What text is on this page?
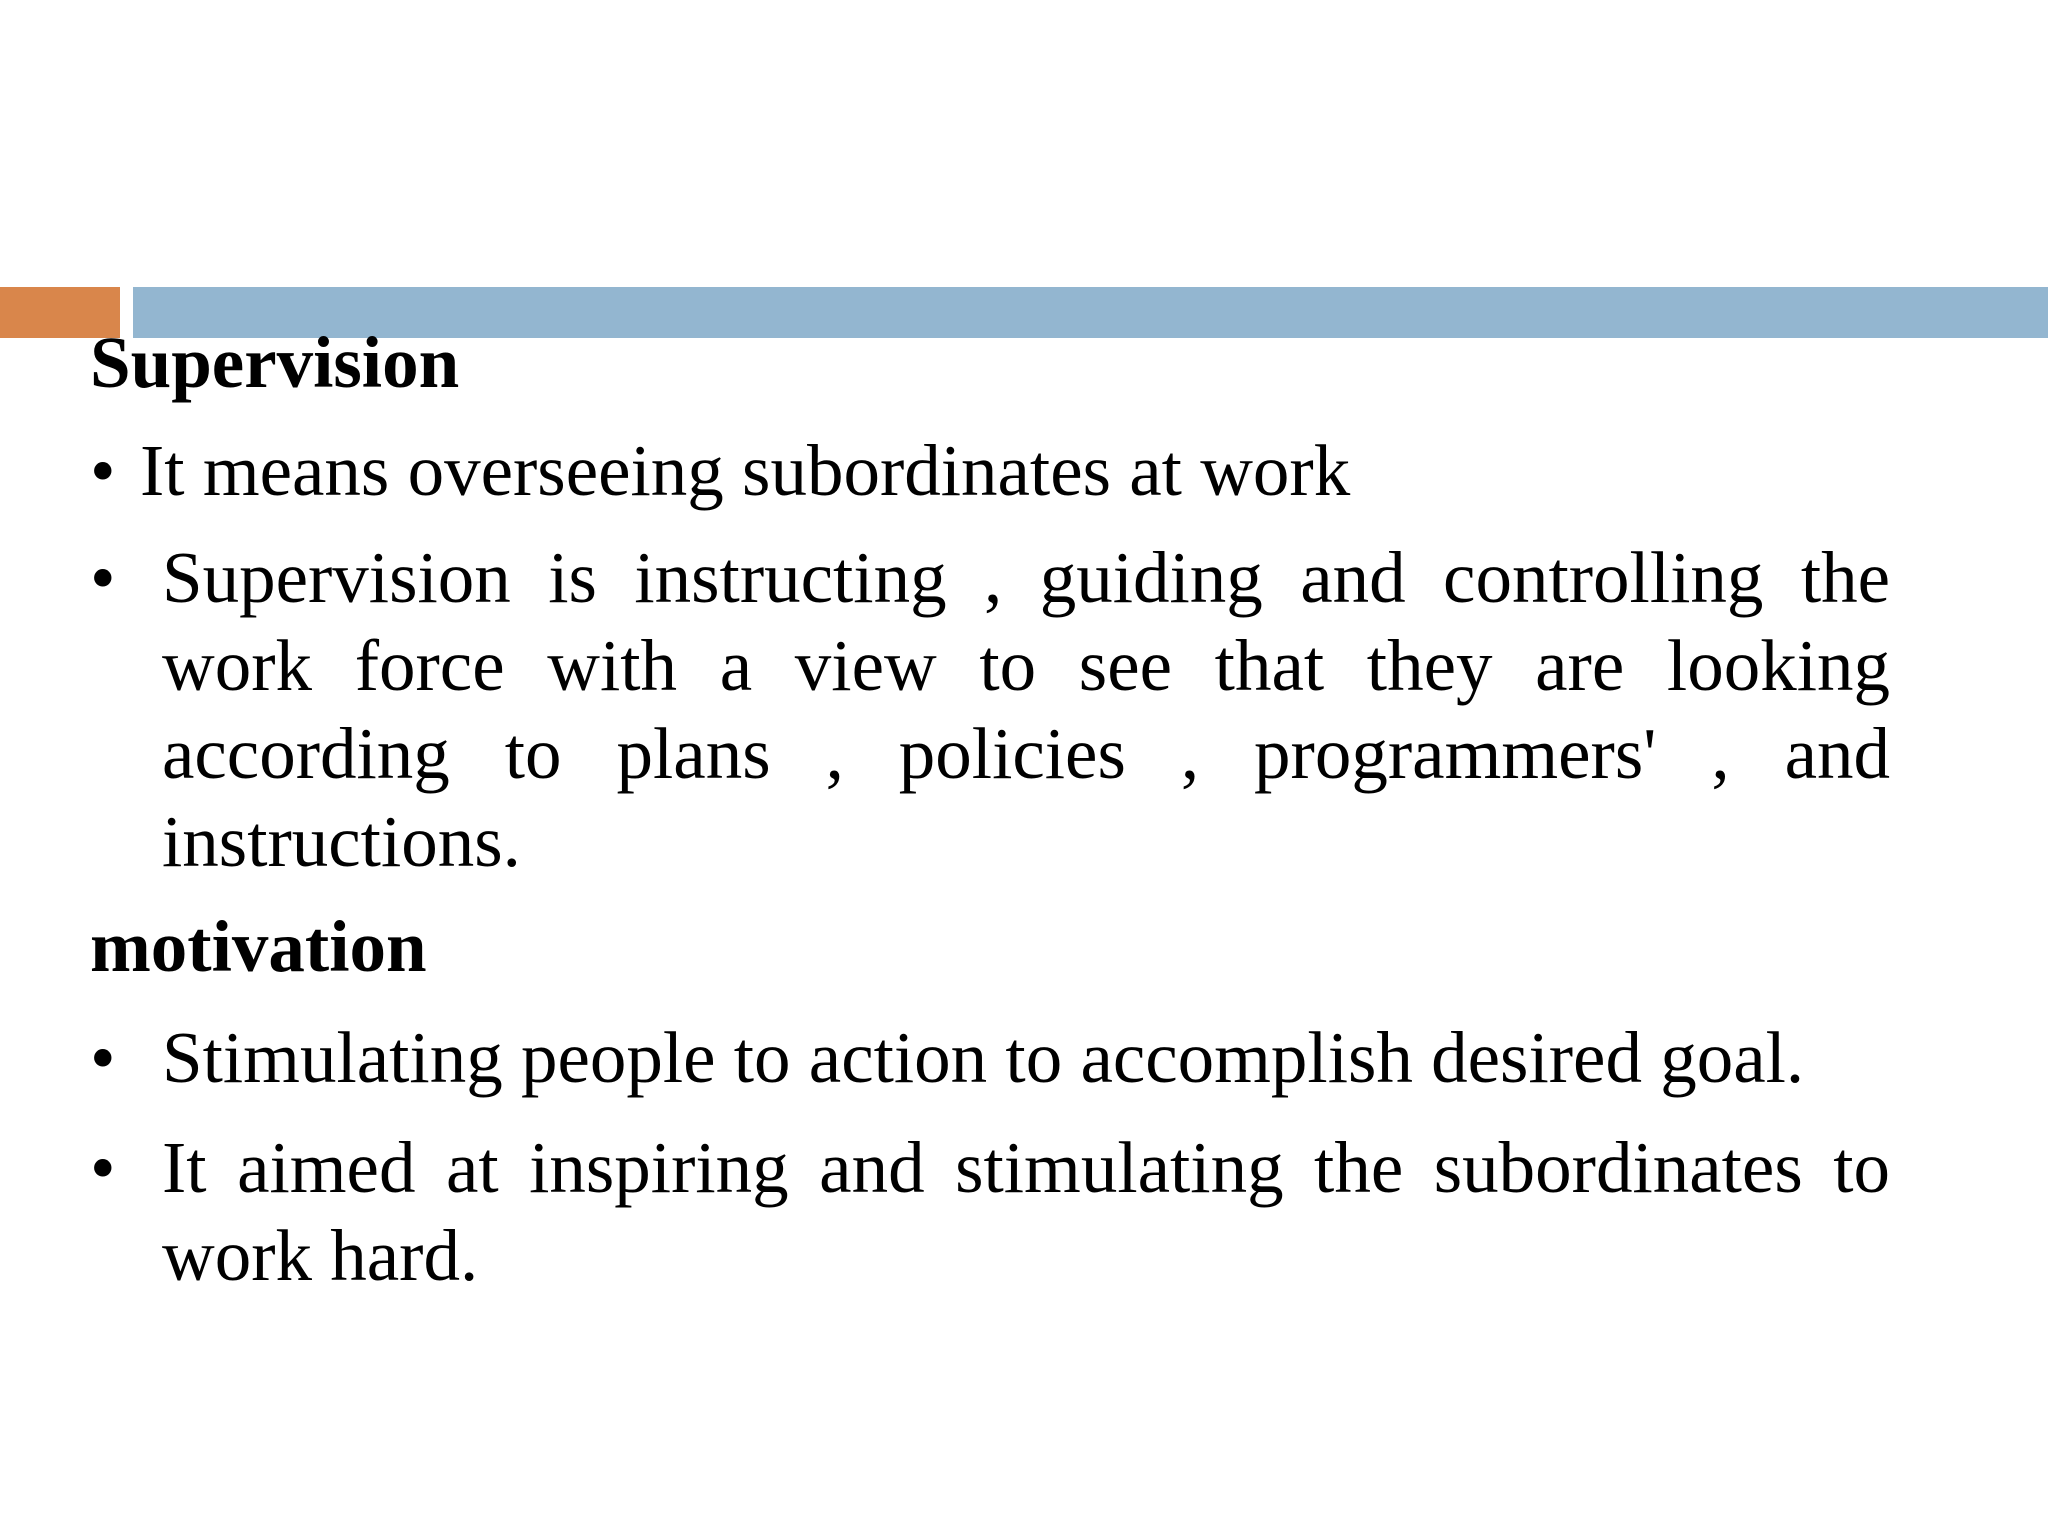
Supervision

• It means overseeing subordinates at work

• Supervision is instructing , guiding and controlling the work force with a view to see that they are looking according to plans , policies , programmers' , and instructions.

motivation

• Stimulating people to action to accomplish desired goal.

• It aimed at inspiring and stimulating the subordinates to work hard.
